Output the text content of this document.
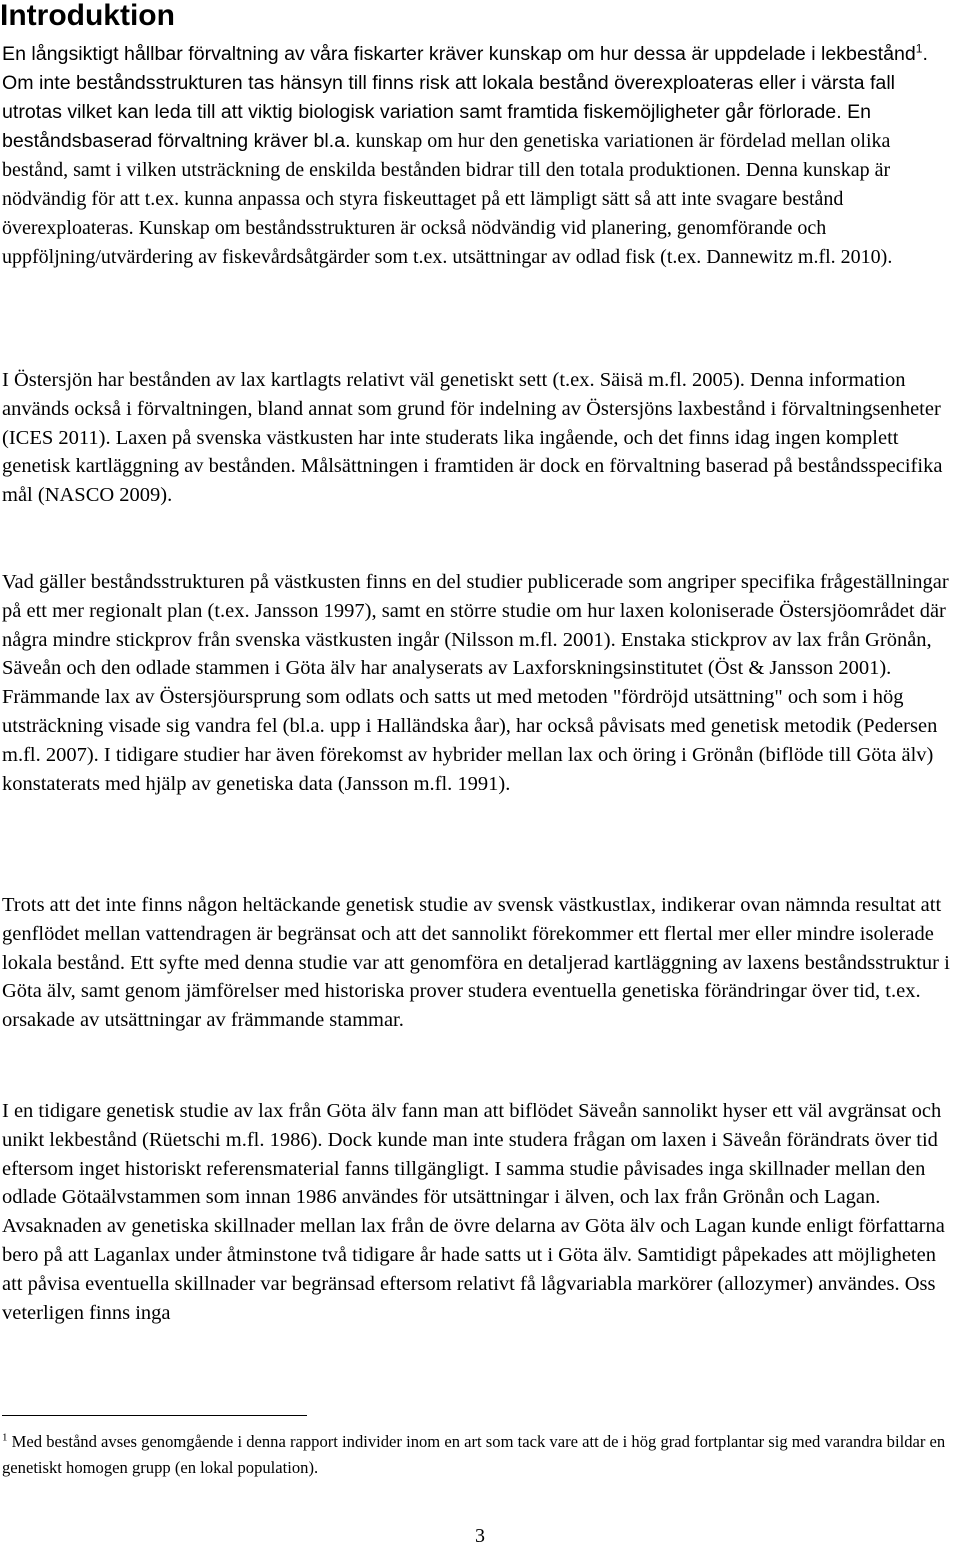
Introduktion

En långsiktigt hållbar förvaltning av våra fiskarter kräver kunskap om hur dessa är uppdelade i lekbestånd$^1$. Om inte beståndsstrukturen tas hänsyn till finns risk att lokala bestånd överexploateras eller i värsta fall utrotas vilket kan leda till att viktig biologisk variation samt framtida fiskemöjligheter går förlorade. En beståndsbaserad förvaltning kräver bl.a. kunskap om hur den genetiska variationen är fördelad mellan olika bestånd, samt i vilken utsträckning de enskilda bestånden bidrar till den totala produktionen. Denna kunskap är nödvändig för att t.ex. kunna anpassa och styra fiskeuttaget på ett lämpligt sätt så att inte svagare bestånd överexploateras. Kunskap om beståndsstrukturen är också nödvändig vid planering, genomförande och uppföljning/utvärdering av fiskevårdsåtgärder som t.ex. utsättningar av odlad fisk (t.ex. Dannewitz m.fl. 2010).

I Östersjön har bestånden av lax kartlagts relativt väl genetiskt sett (t.ex. Säisä m.fl. 2005). Denna information används också i förvaltningen, bland annat som grund för indelning av Östersjöns laxbestånd i förvaltningsenheter (ICES 2011). Laxen på svenska västkusten har inte studerats lika ingående, och det finns idag ingen komplett genetisk kartläggning av bestånden. Målsättningen i framtiden är dock en förvaltning baserad på beståndsspecifika mål (NASCO 2009).

Vad gäller beståndsstrukturen på västkusten finns en del studier publicerade som angriper specifika frågeställningar på ett mer regionalt plan (t.ex. Jansson 1997), samt en större studie om hur laxen koloniserade Östersjöområdet där några mindre stickprov från svenska västkusten ingår (Nilsson m.fl. 2001). Enstaka stickprov av lax från Grönån, Säveån och den odlade stammen i Göta älv har analyserats av Laxforskningsinstitutet (Öst & Jansson 2001). Främmande lax av Östersjöursprung som odlats och satts ut med metoden "fördröjd utsättning" och som i hög utsträckning visade sig vandra fel (bl.a. upp i Halländska åar), har också påvisats med genetisk metodik (Pedersen m.fl. 2007). I tidigare studier har även förekomst av hybrider mellan lax och öring i Grönån (biflöde till Göta älv) konstaterats med hjälp av genetiska data (Jansson m.fl. 1991).

Trots att det inte finns någon heltäckande genetisk studie av svensk västkustlax, indikerar ovan nämnda resultat att genflödet mellan vattendragen är begränsat och att det sannolikt förekommer ett flertal mer eller mindre isolerade lokala bestånd. Ett syfte med denna studie var att genomföra en detaljerad kartläggning av laxens beståndsstruktur i Göta älv, samt genom jämförelser med historiska prover studera eventuella genetiska förändringar över tid, t.ex. orsakade av utsättningar av främmande stammar.

I en tidigare genetisk studie av lax från Göta älv fann man att biflödet Säveån sannolikt hyser ett väl avgränsat och unikt lekbestånd (Rüetschi m.fl. 1986). Dock kunde man inte studera frågan om laxen i Säveån förändrats över tid eftersom inget historiskt referensmaterial fanns tillgängligt. I samma studie påvisades inga skillnader mellan den odlade Götaälvstammen som innan 1986 användes för utsättningar i älven, och lax från Grönån och Lagan. Avsaknaden av genetiska skillnader mellan lax från de övre delarna av Göta älv och Lagan kunde enligt författarna bero på att Laganlax under åtminstone två tidigare år hade satts ut i Göta älv. Samtidigt påpekades att möjligheten att påvisa eventuella skillnader var begränsad eftersom relativt få lågvariabla markörer (allozymer) användes. Oss veterligen finns inga

$^1$ Med bestånd avses genomgående i denna rapport individer inom en art som tack vare att de i hög grad fortplantar sig med varandra bildar en genetiskt homogen grupp (en lokal population).

3
